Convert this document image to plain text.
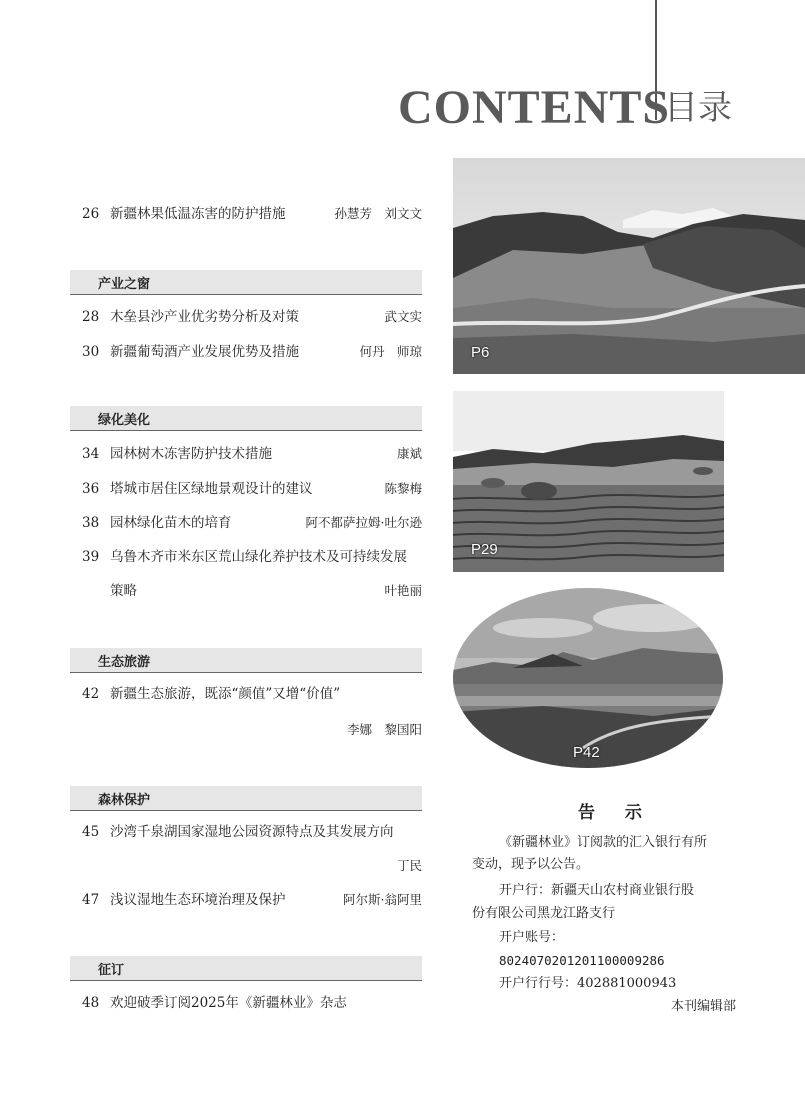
CONTENTS
目录
26 新疆林果低温冻害的防护措施	孙慧芳　刘文文
产业之窗
28 木垒县沙产业优劣势分析及对策	武文实
30 新疆葡萄酒产业发展优势及措施	何丹　师琼
绿化美化
34 园林树木冻害防护技术措施	康斌
36 塔城市居住区绿地景观设计的建议	陈黎梅
38 园林绿化苗木的培育	阿不都萨拉姆·吐尔逊
39 乌鲁木齐市米东区荒山绿化养护技术及可持续发展
策略	叶艳丽
生态旅游
42 新疆生态旅游，既添“颜值”又增“价值”
李娜　黎国阳
森林保护
45 沙湾千泉湖国家湿地公园资源特点及其发展方向
丁民
47 浅议湿地生态环境治理及保护	阿尔斯·翁阿里
征订
48 欢迎破季订阅2025年《新疆林业》杂志
P6
P29
P42
告 示
《新疆林业》订阅款的汇入银行有所
变动，现予以公告。
开户行：新疆天山农村商业银行股
份有限公司黑龙江路支行
开户账号：
802407020120110000928​6
开户行行号：402881000943
本刊编辑部
